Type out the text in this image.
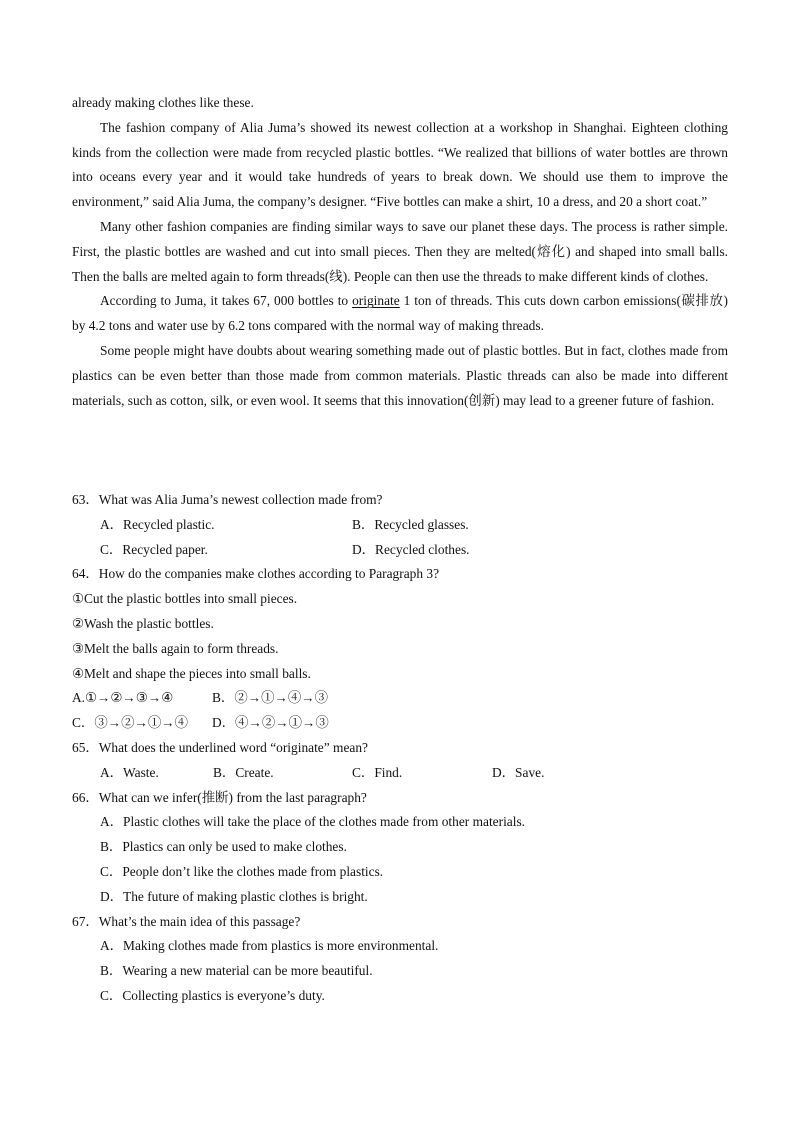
already making clothes like these.

The fashion company of Alia Juma’s showed its newest collection at a workshop in Shanghai. Eighteen clothing kinds from the collection were made from recycled plastic bottles. “We realized that billions of water bottles are thrown into oceans every year and it would take hundreds of years to break down. We should use them to improve the environment,” said Alia Juma, the company’s designer. “Five bottles can make a shirt, 10 a dress, and 20 a short coat.”

Many other fashion companies are finding similar ways to save our planet these days. The process is rather simple. First, the plastic bottles are washed and cut into small pieces. Then they are melted(熔化) and shaped into small balls. Then the balls are melted again to form threads(线). People can then use the threads to make different kinds of clothes.

According to Juma, it takes 67, 000 bottles to originate 1 ton of threads. This cuts down carbon emissions(碳排放) by 4.2 tons and water use by 6.2 tons compared with the normal way of making threads.

Some people might have doubts about wearing something made out of plastic bottles. But in fact, clothes made from plastics can be even better than those made from common materials. Plastic threads can also be made into different materials, such as cotton, silk, or even wool. It seems that this innovation(创新) may lead to a greener future of fashion.

63．What was Alia Juma’s newest collection made from?

A．Recycled plastic.	B．Recycled glasses.
C．Recycled paper.	D．Recycled clothes.

64．How do the companies make clothes according to Paragraph 3?

①Cut the plastic bottles into small pieces.

②Wash the plastic bottles.

③Melt the balls again to form threads.

④Melt and shape the pieces into small balls.

A.①→②→③→④	B．②→①→④→③
C．③→②→①→④	D．④→②→①→③

65．What does the underlined word “originate” mean?

A．Waste.	B．Create.	C．Find.	D．Save.

66．What can we infer(推断) from the last paragraph?

A．Plastic clothes will take the place of the clothes made from other materials.

B．Plastics can only be used to make clothes.

C．People don’t like the clothes made from plastics.

D．The future of making plastic clothes is bright.

67．What’s the main idea of this passage?

A．Making clothes made from plastics is more environmental.

B．Wearing a new material can be more beautiful.

C．Collecting plastics is everyone’s duty.
